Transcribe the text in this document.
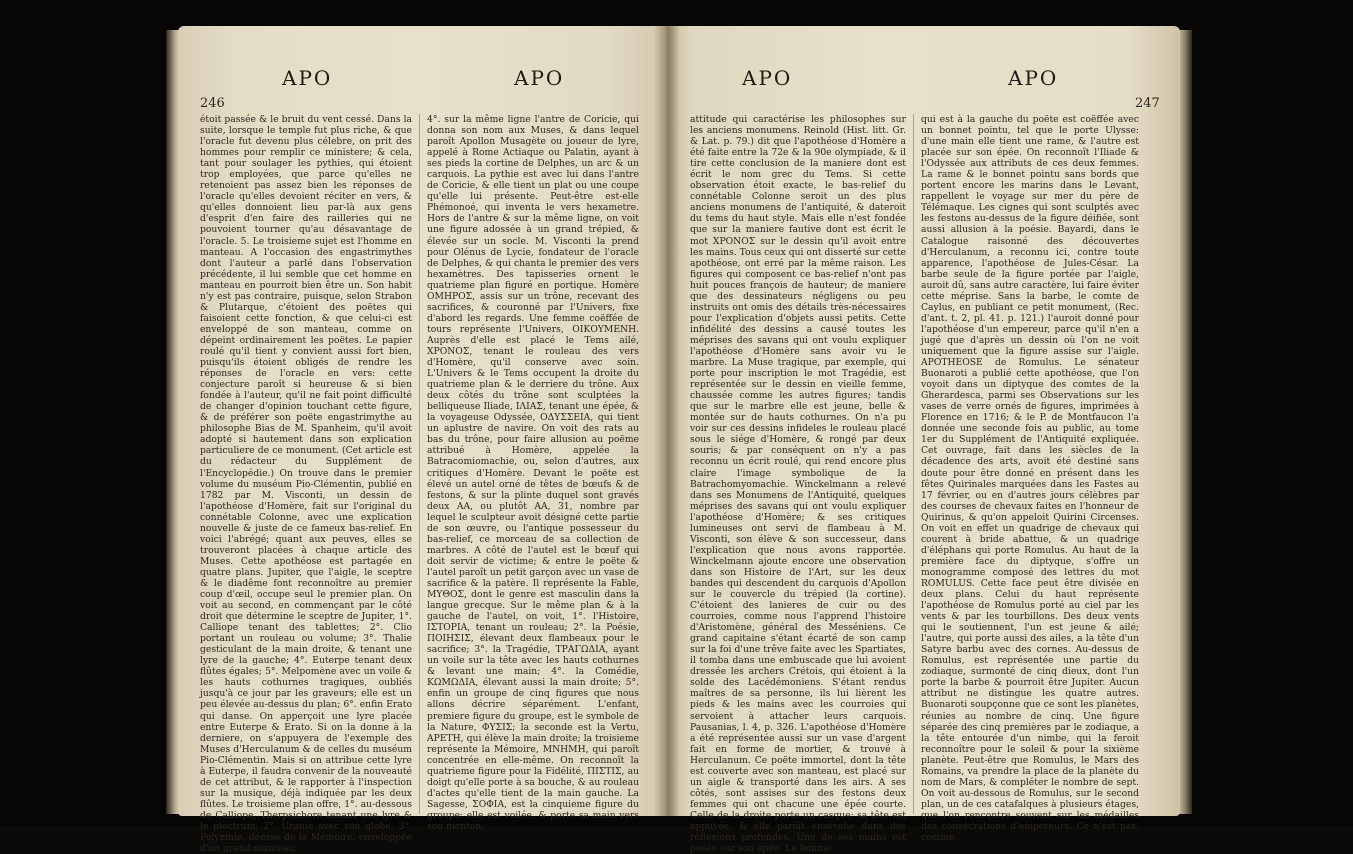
246
APO	APO

étoit passée & le bruit du vent cessé. Dans la suite, lorsque le temple fut plus riche, & que l'oracle fut devenu plus célebre, on prit des hommes pour remplir ce ministere; & cela, tant pour soulager les pythies, qui étoient trop employées, que parce qu'elles ne retenoient pas assez bien les réponses de l'oracle qu'elles devoient réciter en vers, & qu'elles donnoient lieu par-là aux gens d'esprit d'en faire des railleries qui ne pouvoient tourner qu'au désavantage de l'oracle. 5. Le troisieme sujet est l'homme en manteau. A l'occasion des engastrimythes dont l'auteur a parlé dans l'observation précédente, il lui semble que cet homme en manteau en pourroit bien être un. Son habit n'y est pas contraire, puisque, selon Strabon & Plutarque, c'étoient des poëtes qui faisoient cette fonction, & que celui-ci est enveloppé de son manteau, comme on dépeint ordinairement les poëtes. Le papier roulé qu'il tient y convient aussi fort bien, puisqu'ils étoient obligés de rendre les réponses de l'oracle en vers: cette conjecture paroît si heureuse & si bien fondée à l'auteur, qu'il ne fait point difficulté de changer d'opinion touchant cette figure, & de préférer son poëte engastrimythe au philosophe Bias de M. Spanheim, qu'il avoit adopté si hautement dans son explication particuliere de ce monument. (Cet article est du rédacteur du Supplément de l'Encyclopédie.) On trouve dans le premier volume du muséum Pio-Clémentin, publié en 1782 par M. Visconti, un dessin de l'apothéose d'Homère, fait sur l'original du connétable Colonne, avec une explication nouvelle & juste de ce fameux bas-relief. En voici l'abrégé; quant aux peuves, elles se trouveront placées à chaque article des Muses. Cette apothéose est partagée en quatre plans. Jupiter, que l'aigle, le sceptre & le diadême font reconnoître au premier coup d'œil, occupe seul le premier plan. On voit au second, en commençant par le côté droit que détermine le sceptre de Jupiter, 1°. Calliope tenant des tablettes; 2°. Clio portant un rouleau ou volume; 3°. Thalie gesticulant de la main droite, & tenant une lyre de la gauche; 4°. Euterpe tenant deux flûtes égales; 5°. Melpomène avec un voile & les hauts cothurnes tragiques, oubliés jusqu'à ce jour par les graveurs; elle est un peu élevée au-dessus du plan; 6°. enfin Erato qui danse. On apperçoit une lyre placée entre Euterpe & Erato. Si on la donne à la derniere, on s'appuyera de l'exemple des Muses d'Herculanum & de celles du muséum Pio-Clémentin. Mais si on attribue cette lyre à Euterpe, il faudra convenir de la nouveauté de cet attribut, & le rapporter à l'inspection sur la musique, déjà indiquée par les deux flûtes. Le troisieme plan offre, 1°. au-dessous de Calliope, Therpsichore tenant une lyre & le plectrum; 2°. Uranie avec son globe; 3°. Polymnie, déesse de la Mémoire, enveloppée d'un grand manteau;

4°. sur la même ligne l'antre de Coricie, qui donna son nom aux Muses, & dans lequel paroît Apollon Musagète ou joueur de lyre, appelé à Rome Actiaque ou Palatin, ayant à ses pieds la cortine de Delphes, un arc & un carquois. La pythie est avec lui dans l'antre de Coricie, & elle tient un plat ou une coupe qu'elle lui présente. Peut-être est-elle Phémonoé, qui inventa le vers hexametre. Hors de l'antre & sur la même ligne, on voit une figure adossée à un grand trépied, & élevée sur un socle. M. Visconti la prend pour Olénus de Lycie, fondateur de l'oracle de Delphes, & qui chanta le premier des vers hexamètres. Des tapisseries ornent le quatrieme plan figuré en portique. Homère ΟΜΗΡΟΣ, assis sur un trône, recevant des sacrifices, & couronné par l'Univers, fixe d'abord les regards. Une femme coëffée de tours représente l'Univers, ΟΙΚΟΥΜΕΝΗ. Auprès d'elle est placé le Tems ailé, ΧΡΟΝΟΣ, tenant le rouleau des vers d'Homère, qu'il conserve avec soin. L'Univers & le Tems occupent la droite du quatrieme plan & le derriere du trône. Aux deux côtés du trône sont sculptées la belliqueuse Iliade, ΙΛΙΑΣ, tenant une épée, & la voyageuse Odyssée, ΟΔΥΣΣΕΙΑ, qui tient un aplustre de navire. On voit des rats au bas du trône, pour faire allusion au poëme attribué à Homère, appelée la Batracomiomachie, ou, selon d'autres, aux critiques d'Homère. Devant le poëte est élevé un autel orné de têtes de bœufs & de festons, & sur la plinte duquel sont gravés deux ΑΑ, ou plutôt ΑΑ, 31, nombre par lequel le sculpteur avoit désigné cette partie de son œuvre, ou l'antique possesseur du bas-relief, ce morceau de sa collection de marbres. A côté de l'autel est le bœuf qui doit servir de victime; & entre le poëte & l'autel paroît un petit garçon avec un vase de sacrifice & la patère. Il représente la Fable, ΜΥΘΟΣ, dont le genre est masculin dans la langue grecque. Sur le même plan & à la gauche de l'autel, on voit, 1°. l'Histoire, ΙΣΤΟΡΙΑ, tenant un rouleau; 2°. la Poésie, ΠΟΙΗΣΙΣ, élevant deux flambeaux pour le sacrifice; 3°. la Tragédie, ΤΡΑΓΩΔΙΑ, ayant un voile sur la tête avec les hauts cothurnes & levant une main; 4°. la Comédie, ΚΩΜΩΔΙΑ, élevant aussi la main droite; 5°. enfin un groupe de cinq figures que nous allons décrire séparément. L'enfant, premiere figure du groupe, est le symbole de la Nature, ΦΥΣΙΣ; la seconde est la Vertu, ΑΡΕΤΗ, qui élève la main droite; la troisieme représente la Mémoire, ΜΝΗΜΗ, qui paroît concentrée en elle-même. On reconnoît la quatrieme figure pour la Fidélité, ΠΙΣΤΙΣ, au doigt qu'elle porte à sa bouche, & au rouleau d'actes qu'elle tient de la main gauche. La Sagesse, ΣΟΦΙΑ, est la cinquieme figure du groupe: elle est voilée, & porte sa main vers son menton;

APO	APO
247

attitude qui caractérise les philosophes sur les anciens monumens. Reinold (Hist. litt. Gr. & Lat. p. 79.) dit que l'apothéose d'Homère a été faite entre la 72e & la 90e olympiade, & il tire cette conclusion de la maniere dont est écrit le nom grec du Tems. Si cette observation étoit exacte, le bas-relief du connétable Colonne seroit un des plus anciens monumens de l'antiquité, & dateroit du tems du haut style. Mais elle n'est fondée que sur la maniere fautive dont est écrit le mot ΧΡΟΝΟΣ sur le dessin qu'il avoit entre les mains. Tous ceux qui ont disserté sur cette apothéose, ont erré par la même raison. Les figures qui composent ce bas-relief n'ont pas huit pouces françois de hauteur; de maniere que des dessinateurs négligens ou peu instruits ont omis des détails très-nécessaires pour l'explication d'objets aussi petits. Cette infidélité des dessins a causé toutes les méprises des savans qui ont voulu expliquer l'apothéose d'Homère sans avoir vu le marbre. La Muse tragique, par exemple, qui porte pour inscription le mot Tragédie, est représentée sur le dessin en vieille femme, chaussée comme les autres figures; tandis que sur le marbre elle est jeune, belle & montée sur de hauts cothurnes. On n'a pu voir sur ces dessins infideles le rouleau placé sous le siége d'Homère, & rongé par deux souris; & par conséquent on n'y a pas reconnu un écrit roulé, qui rend encore plus claire l'image symbolique de la Batrachomyomachie. Winckelmann a relevé dans ses Monumens de l'Antiquité, quelques méprises des savans qui ont voulu expliquer l'apothéose d'Homère; & ses critiques lumineuses ont servi de flambeau à M. Visconti, son élève & son successeur, dans l'explication que nous avons rapportée. Winckelmann ajoute encore une observation dans son Histoire de l'Art, sur les deux bandes qui descendent du carquois d'Apollon sur le couvercle du trépied (la cortine). C'étoient des lanieres de cuir ou des courroies, comme nous l'apprend l'histoire d'Aristomène, général des Messéniens. Ce grand capitaine s'étant écarté de son camp sur la foi d'une trêve faite avec les Spartiates, il tomba dans une embuscade que lui avoient dressée les archers Crétois, qui étoient à la solde des Lacédémoniens. S'étant rendus maîtres de sa personne, ils lui lièrent les pieds & les mains avec les courroies qui servoient à attacher leurs carquois. Pausanias, l. 4, p. 326. L'apothéose d'Homère a été représentée aussi sur un vase d'argent fait en forme de mortier, & trouvé à Herculanum. Ce poëte immortel, dont la tête est couverte avec son manteau, est placé sur un aigle & transporté dans les airs. A ses côtés, sont assises sur des festons deux femmes qui ont chacune une épée courte. Celle de la droite porte un casque; sa tête est appuyée, & elle paroît ensevelie dans des réflexions profondes. Une de ses mains est posée sur son épée. La femme

qui est à la gauche du poëte est coëffée avec un bonnet pointu, tel que le porte Ulysse: d'une main elle tient une rame, & l'autre est placée sur son épée. On reconnoît l'Iliade & l'Odyssée aux attributs de ces deux femmes. La rame & le bonnet pointu sans bords que portent encore les marins dans le Levant, rappellent le voyage sur mer du père de Télémaque. Les cignes qui sont sculptés avec les festons au-dessus de la figure déifiée, sont aussi allusion à la poésie. Bayardi, dans le Catalogue raisonné des découvertes d'Herculanum, a reconnu ici, contre toute apparence, l'apothéose de Jules-César. La barbe seule de la figure portée par l'aigle, auroit dû, sans autre caractère, lui faire éviter cette méprise. Sans la barbe, le comte de Caylus, en publiant ce petit monument, (Rec. d'ant. t. 2, pl. 41. p. 121.) l'auroit donné pour l'apothéose d'un empereur, parce qu'il n'en a jugé que d'après un dessin où l'on ne voit uniquement que la figure assise sur l'aigle. APOTHEOSE de Romulus. Le sénateur Buonaroti a publié cette apothéose, que l'on voyoit dans un diptyque des comtes de la Gherardesca, parmi ses Observations sur les vases de verre ornés de figures, imprimées à Florence en 1716; & le P. de Montfaucon l'a donnée une seconde fois au public, au tome 1er du Supplément de l'Antiquité expliquée. Cet ouvrage, fait dans les siècles de la décadence des arts, avoit été destiné sans doute pour être donné en présent dans les fêtes Quirinales marquées dans les Fastes au 17 février, ou en d'autres jours célèbres par des courses de chevaux faites en l'honneur de Quirinus, & qu'on appeloit Quirini Circenses. On voit en effet un quadrige de chevaux qui courent à bride abattue, & un quadrige d'éléphans qui porte Romulus. Au haut de la première face du diptyque, s'offre un monogramme composé des lettres du mot ROMULUS. Cette face peut être divisée en deux plans. Celui du haut représente l'apothéose de Romulus porté au ciel par les vents & par les tourbillons. Des deux vents qui le soutiennent, l'un est jeune & ailé; l'autre, qui porte aussi des ailes, a la tête d'un Satyre barbu avec des cornes. Au-dessus de Romulus, est représentée une partie du zodiaque, surmonté de cinq dieux, dont l'un porte la barbe & pourroit être Jupiter. Aucun attribut ne distingue les quatre autres. Buonaroti soupçonne que ce sont les planètes, réunies au nombre de cinq. Une figure séparée des cinq premières par le zodiaque, a la tête entourée d'un nimbe, qui la feroit reconnoître pour le soleil & pour la sixième planète. Peut-être que Romulus, le Mars des Romains, va prendre la place de la planète du nom de Mars, & compléter le nombre de sept. On voit au-dessous de Romulus, sur le second plan, un de ces catafalques à plusieurs étages, que l'on rencontre souvent sur les médailles des consécrations d'empereurs. Ce n'est pas, comme
